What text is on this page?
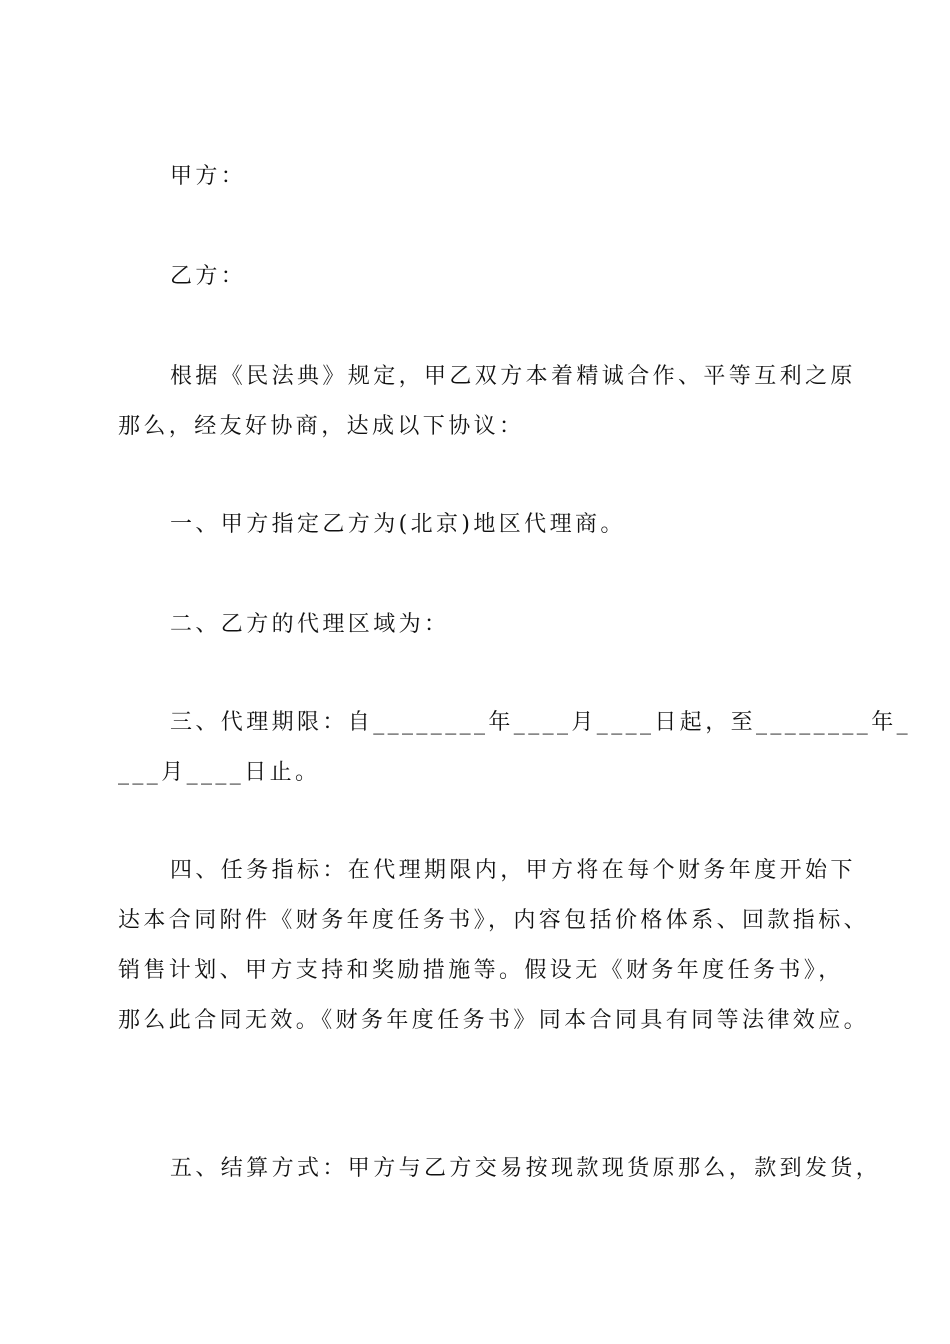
甲方：
乙方：
根据《民法典》规定，甲乙双方本着精诚合作、平等互利之原
那么，经友好协商，达成以下协议：
一、甲方指定乙方为(北京)地区代理商。
二、乙方的代理区域为：
三、代理期限：自________年____月____日起，至________年_
___月____日止。
四、任务指标：在代理期限内，甲方将在每个财务年度开始下
达本合同附件《财务年度任务书》，内容包括价格体系、回款指标、
销售计划、甲方支持和奖励措施等。假设无《财务年度任务书》，
那么此合同无效。《财务年度任务书》同本合同具有同等法律效应。
五、结算方式：甲方与乙方交易按现款现货原那么，款到发货，
